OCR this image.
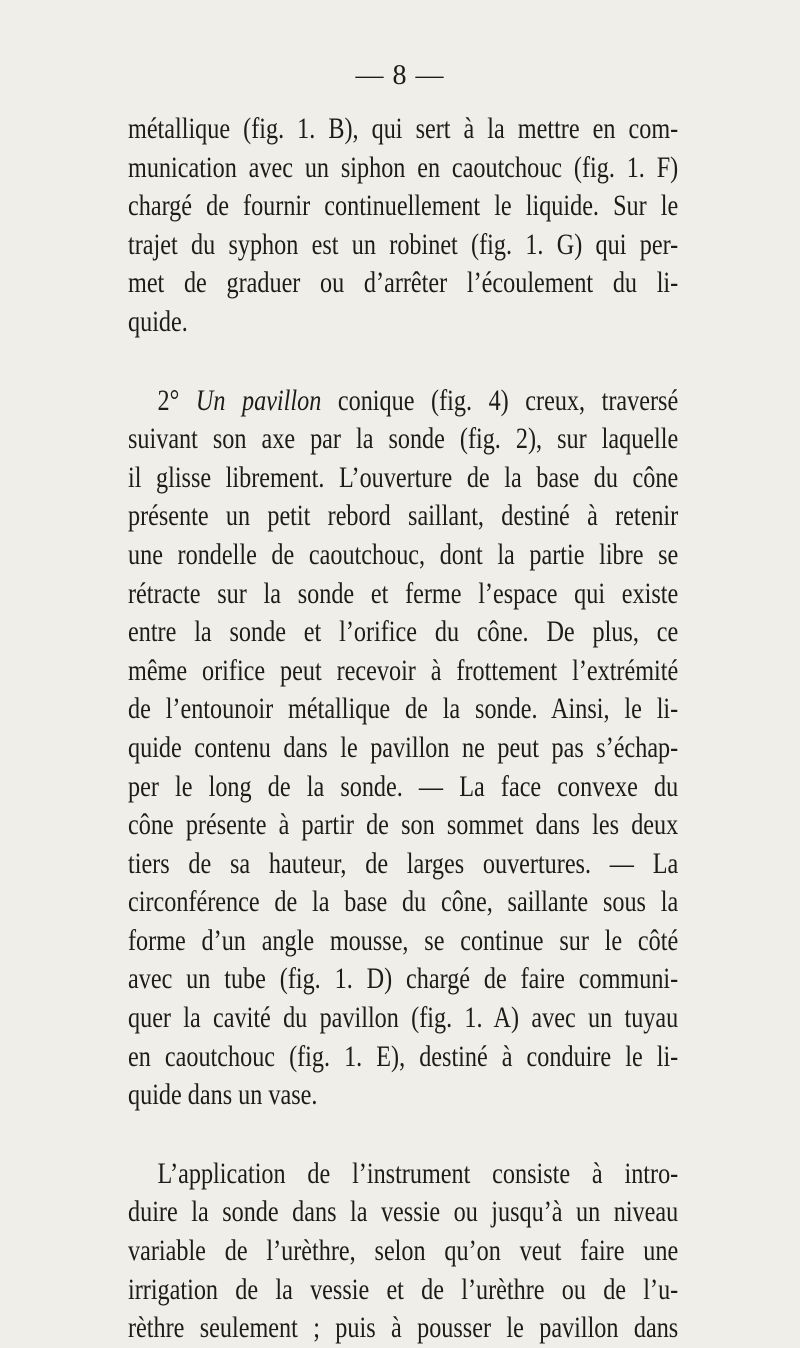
— 8 —
métallique (fig. 1. B), qui sert à la mettre en com-
munication avec un siphon en caoutchouc (fig. 1. F)
chargé de fournir continuellement le liquide. Sur le
trajet du syphon est un robinet (fig. 1. G) qui per-
met de graduer ou d’arrêter l’écoulement du li-
quide.
2° Un pavillon conique (fig. 4) creux, traversé
suivant son axe par la sonde (fig. 2), sur laquelle
il glisse librement. L’ouverture de la base du cône
présente un petit rebord saillant, destiné à retenir
une rondelle de caoutchouc, dont la partie libre se
rétracte sur la sonde et ferme l’espace qui existe
entre la sonde et l’orifice du cône. De plus, ce
même orifice peut recevoir à frottement l’extrémité
de l’entounoir métallique de la sonde. Ainsi, le li-
quide contenu dans le pavillon ne peut pas s’échap-
per le long de la sonde. — La face convexe du
cône présente à partir de son sommet dans les deux
tiers de sa hauteur, de larges ouvertures. — La
circonférence de la base du cône, saillante sous la
forme d’un angle mousse, se continue sur le côté
avec un tube (fig. 1. D) chargé de faire communi-
quer la cavité du pavillon (fig. 1. A) avec un tuyau
en caoutchouc (fig. 1. E), destiné à conduire le li-
quide dans un vase.
L’application de l’instrument consiste à intro-
duire la sonde dans la vessie ou jusqu’à un niveau
variable de l’urèthre, selon qu’on veut faire une
irrigation de la vessie et de l’urèthre ou de l’u-
rèthre seulement ; puis à pousser le pavillon dans
